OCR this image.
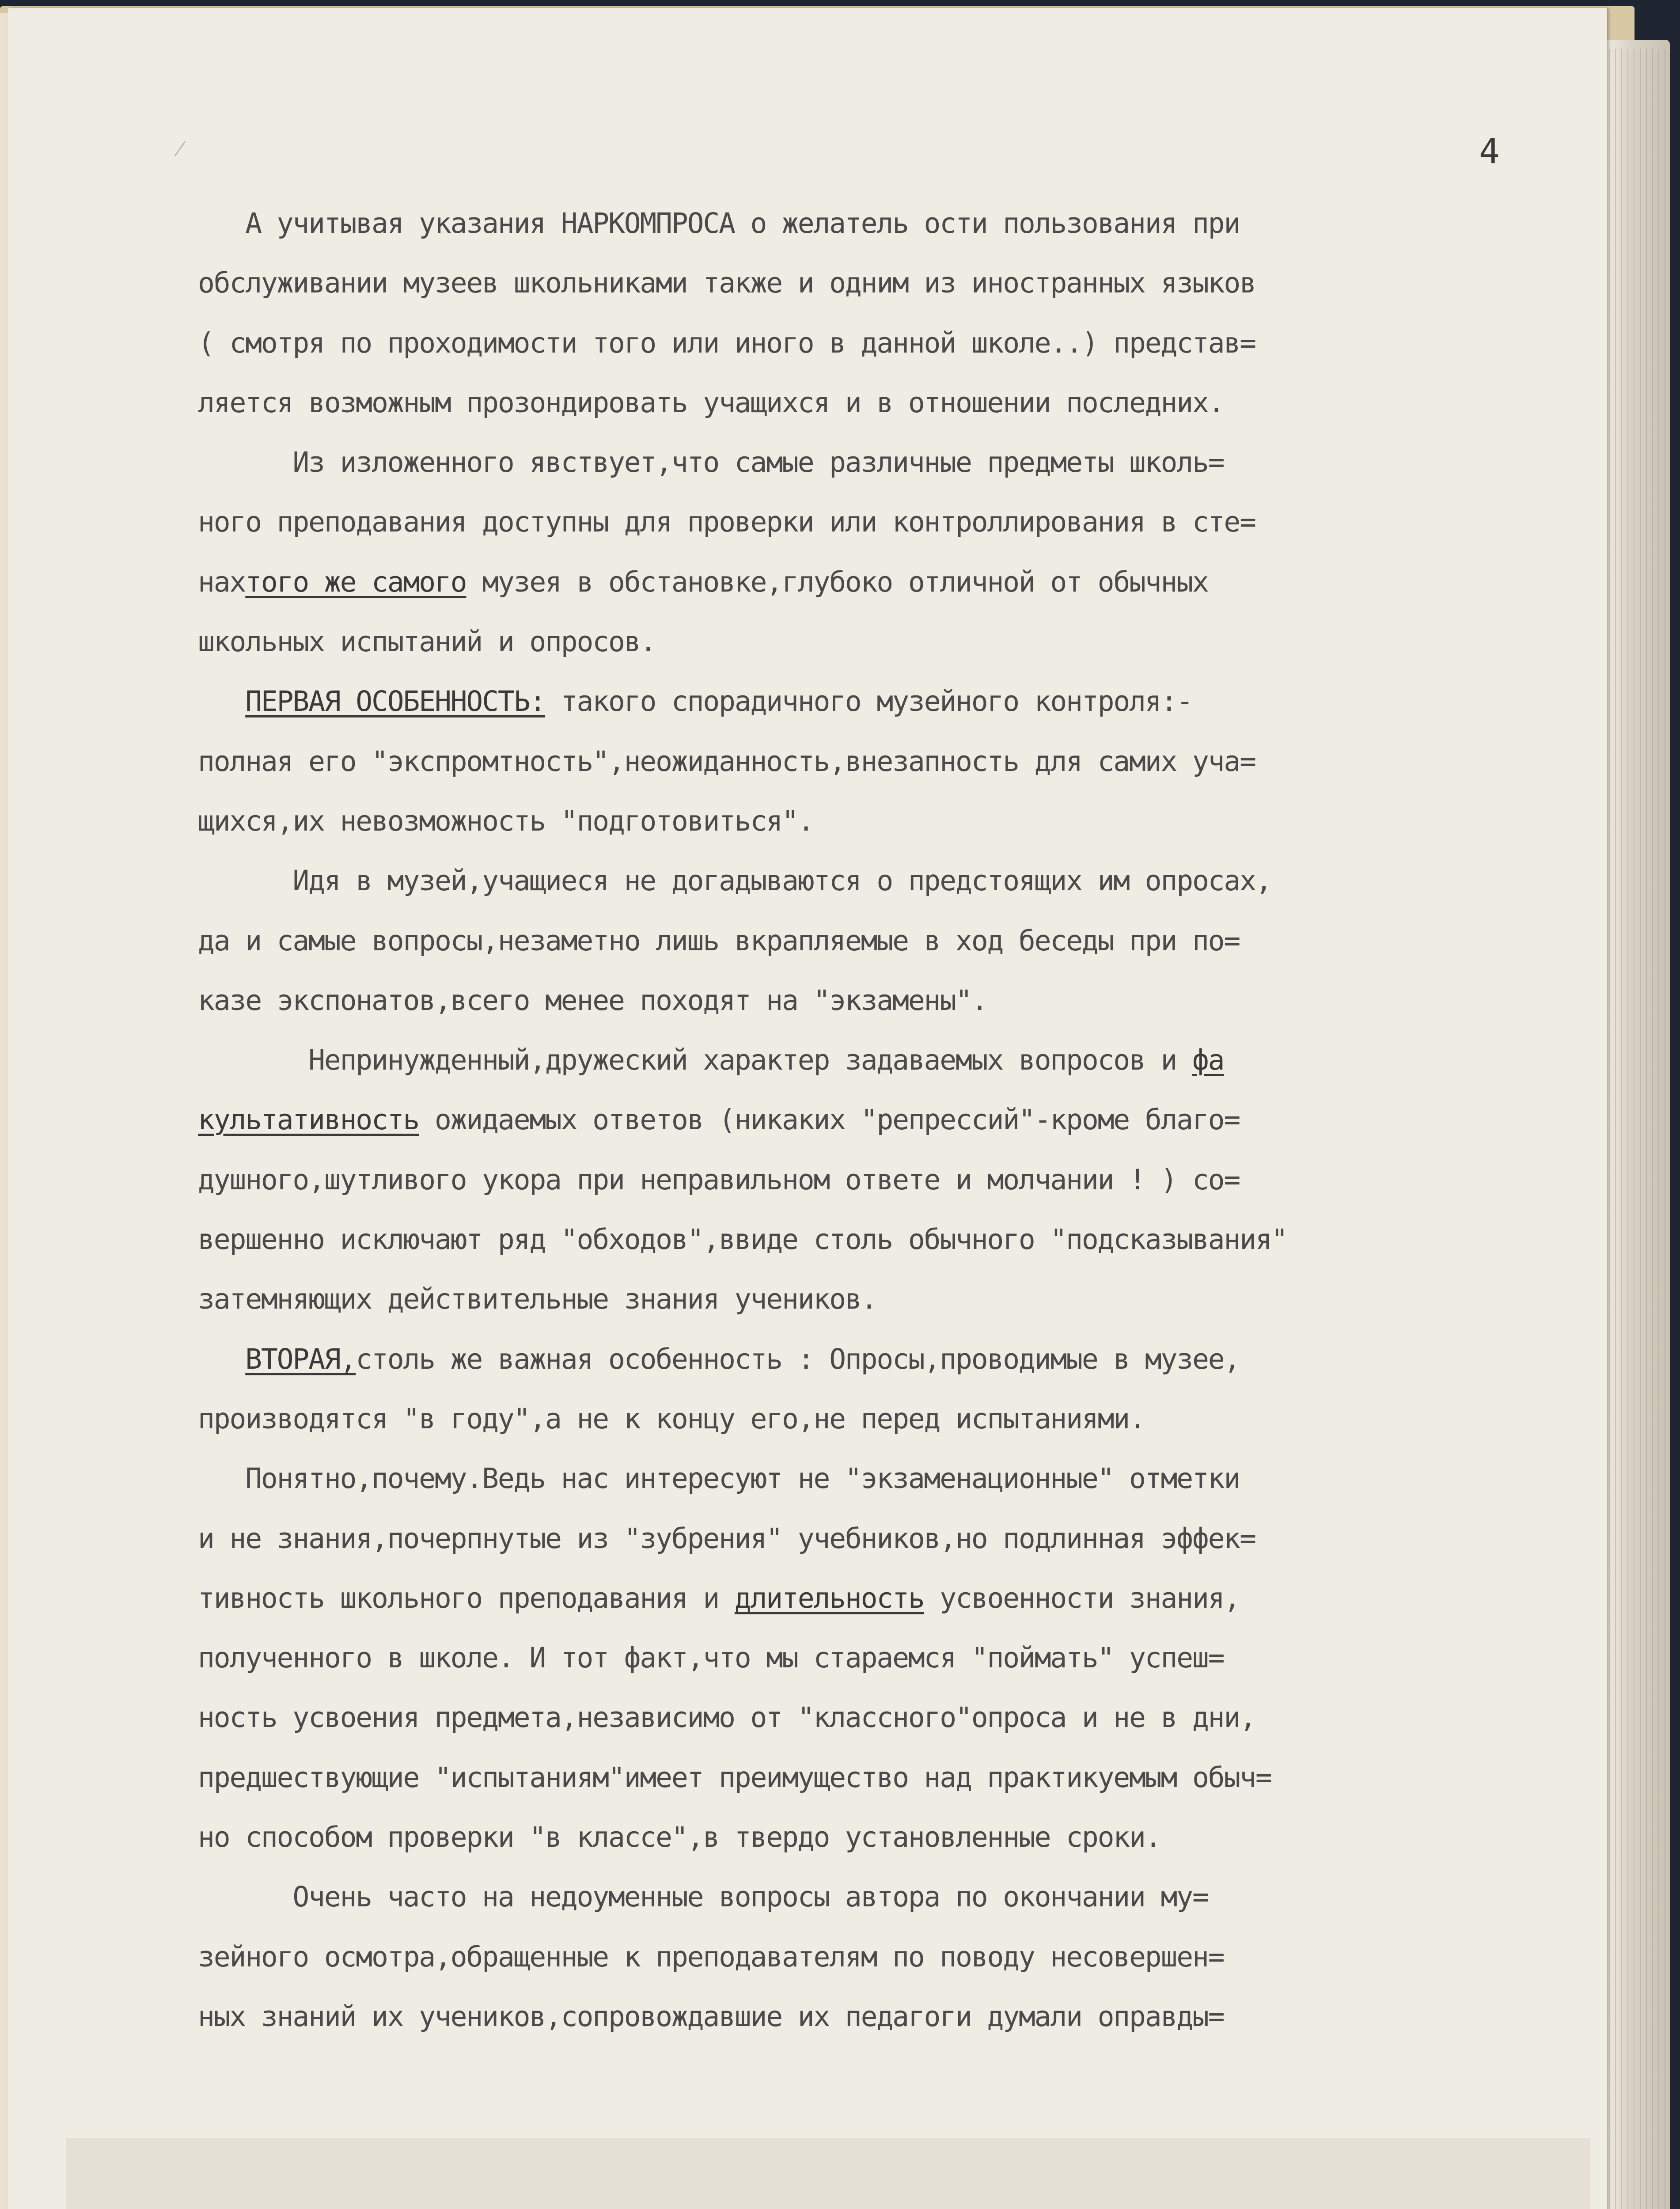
4
А учитывая указания НАРКОМПРОСА о желатель ости пользования при
обслуживании музеев школьниками также и одним из иностранных языков
( смотря по проходимости того или иного в данной школе..) представ=
ляется возможным прозондировать учащихся и в отношении последних.
Из изложенного явствует,что самые различные предметы школь=
ного преподавания доступны для проверки или контроллирования в сте=
нахтого же самого музея в обстановке,глубоко отличной от обычных
школьных испытаний и опросов.
ПЕРВАЯ ОСОБЕННОСТЬ: такого спорадичного музейного контроля:-
полная его "экспромтность",неожиданность,внезапность для самих уча=
щихся,их невозможность "подготовиться".
Идя в музей,учащиеся не догадываются о предстоящих им опросах,
да и самые вопросы,незаметно лишь вкрапляемые в ход беседы при по=
казе экспонатов,всего менее походят на "экзамены".
Непринужденный,дружеский характер задаваемых вопросов и фа
культативность ожидаемых ответов (никаких "репрессий"-кроме благо=
душного,шутливого укора при неправильном ответе и молчании ! ) со=
вершенно исключают ряд "обходов",ввиде столь обычного "подсказывания"
затемняющих действительные знания учеников.
ВТОРАЯ,столь же важная особенность : Опросы,проводимые в музее,
производятся "в году",а не к концу его,не перед испытаниями.
Понятно,почему.Ведь нас интересуют не "экзаменационные" отметки
и не знания,почерпнутые из "зубрения" учебников,но подлинная эффек=
тивность школьного преподавания и длительность усвоенности знания,
полученного в школе. И тот факт,что мы стараемся "поймать" успеш=
ность усвоения предмета,независимо от "классного"опроса и не в дни,
предшествующие "испытаниям"имеет преимущество над практикуемым обыч=
но способом проверки "в классе",в твердо установленные сроки.
Очень часто на недоуменные вопросы автора по окончании му=
зейного осмотра,обращенные к преподавателям по поводу несовершен=
ных знаний их учеников,сопровождавшие их педагоги думали оправды=
